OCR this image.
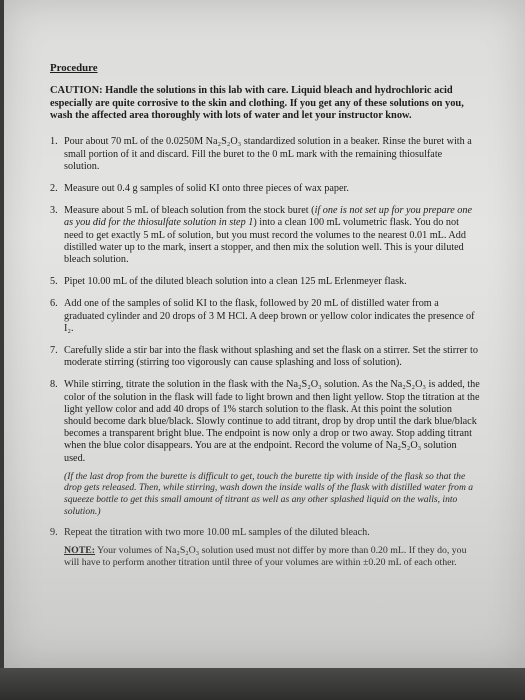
Procedure
CAUTION: Handle the solutions in this lab with care. Liquid bleach and hydrochloric acid especially are quite corrosive to the skin and clothing. If you get any of these solutions on you, wash the affected area thoroughly with lots of water and let your instructor know.
1. Pour about 70 mL of the 0.0250M Na₂S₂O₃ standardized solution in a beaker. Rinse the buret with a small portion of it and discard. Fill the buret to the 0 mL mark with the remaining thiosulfate solution.
2. Measure out 0.4 g samples of solid KI onto three pieces of wax paper.
3. Measure about 5 mL of bleach solution from the stock buret (if one is not set up for you prepare one as you did for the thiosulfate solution in step 1) into a clean 100 mL volumetric flask. You do not need to get exactly 5 mL of solution, but you must record the volumes to the nearest 0.01 mL. Add distilled water up to the mark, insert a stopper, and then mix the solution well. This is your diluted bleach solution.
5. Pipet 10.00 mL of the diluted bleach solution into a clean 125 mL Erlenmeyer flask.
6. Add one of the samples of solid KI to the flask, followed by 20 mL of distilled water from a graduated cylinder and 20 drops of 3 M HCl. A deep brown or yellow color indicates the presence of I₂.
7. Carefully slide a stir bar into the flask without splashing and set the flask on a stirrer. Set the stirrer to moderate stirring (stirring too vigorously can cause splashing and loss of solution).
8. While stirring, titrate the solution in the flask with the Na₂S₂O₃ solution. As the Na₂S₂O₃ is added, the color of the solution in the flask will fade to light brown and then light yellow. Stop the titration at the light yellow color and add 40 drops of 1% starch solution to the flask. At this point the solution should become dark blue/black. Slowly continue to add titrant, drop by drop until the dark blue/black becomes a transparent bright blue. The endpoint is now only a drop or two away. Stop adding titrant when the blue color disappears. You are at the endpoint. Record the volume of Na₂S₂O₃ solution used.
(If the last drop from the burette is difficult to get, touch the burette tip with inside of the flask so that the drop gets released. Then, while stirring, wash down the inside walls of the flask with distilled water from a squeeze bottle to get this small amount of titrant as well as any other splashed liquid on the walls, into solution.)
9. Repeat the titration with two more 10.00 mL samples of the diluted bleach.
NOTE: Your volumes of Na₂S₂O₃ solution used must not differ by more than 0.20 mL. If they do, you will have to perform another titration until three of your volumes are within ±0.20 mL of each other.
